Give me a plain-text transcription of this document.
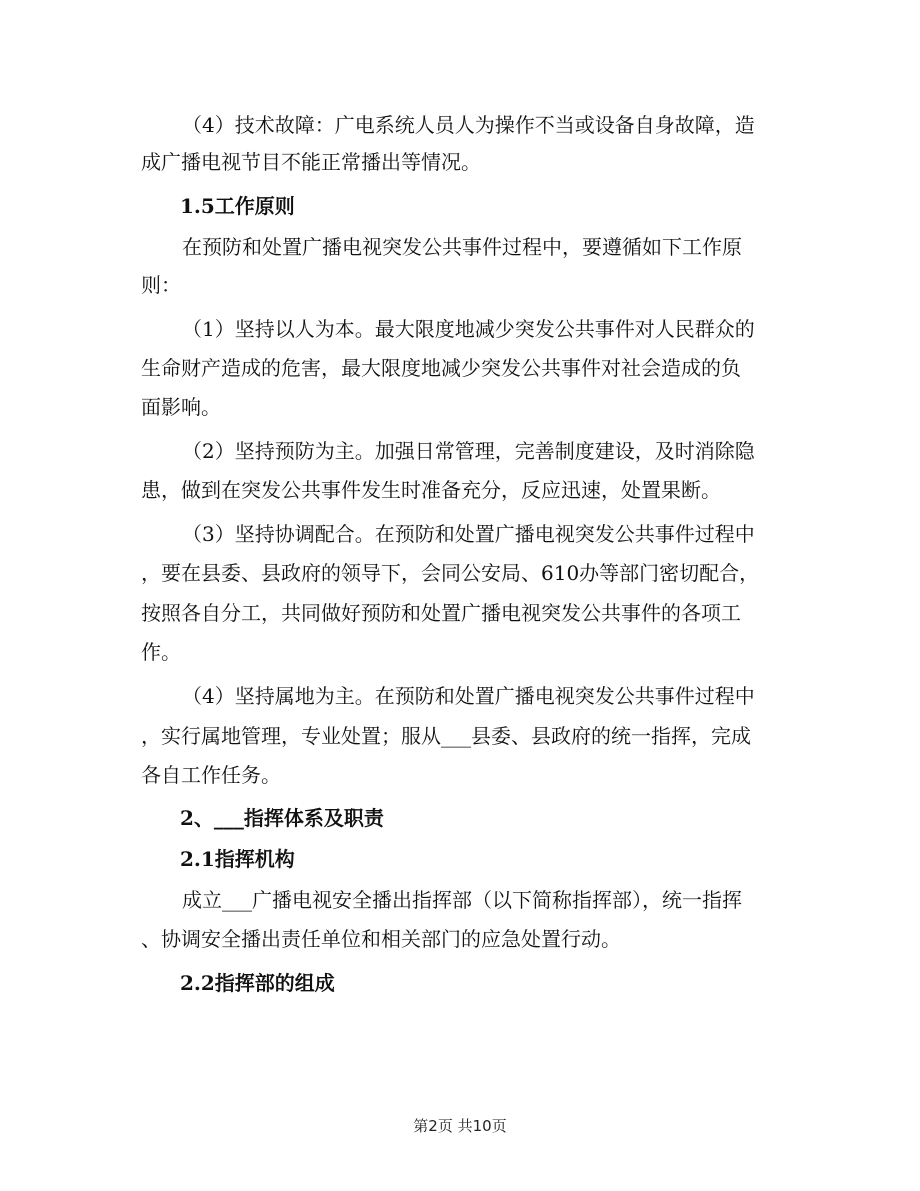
（4）技术故障：广电系统人员人为操作不当或设备自身故障，造
成广播电视节目不能正常播出等情况。
1.5工作原则
在预防和处置广播电视突发公共事件过程中，要遵循如下工作原
则：
（1）坚持以人为本。最大限度地减少突发公共事件对人民群众的
生命财产造成的危害，最大限度地减少突发公共事件对社会造成的负
面影响。
（2）坚持预防为主。加强日常管理，完善制度建设，及时消除隐
患，做到在突发公共事件发生时准备充分，反应迅速，处置果断。
（3）坚持协调配合。在预防和处置广播电视突发公共事件过程中
，要在县委、县政府的领导下，会同公安局、610办等部门密切配合，
按照各自分工，共同做好预防和处置广播电视突发公共事件的各项工
作。
（4）坚持属地为主。在预防和处置广播电视突发公共事件过程中
，实行属地管理，专业处置；服从___县委、县政府的统一指挥，完成
各自工作任务。
2、___指挥体系及职责
2.1指挥机构
成立___广播电视安全播出指挥部（以下简称指挥部），统一指挥
、协调安全播出责任单位和相关部门的应急处置行动。
2.2指挥部的组成
第2页 共10页
